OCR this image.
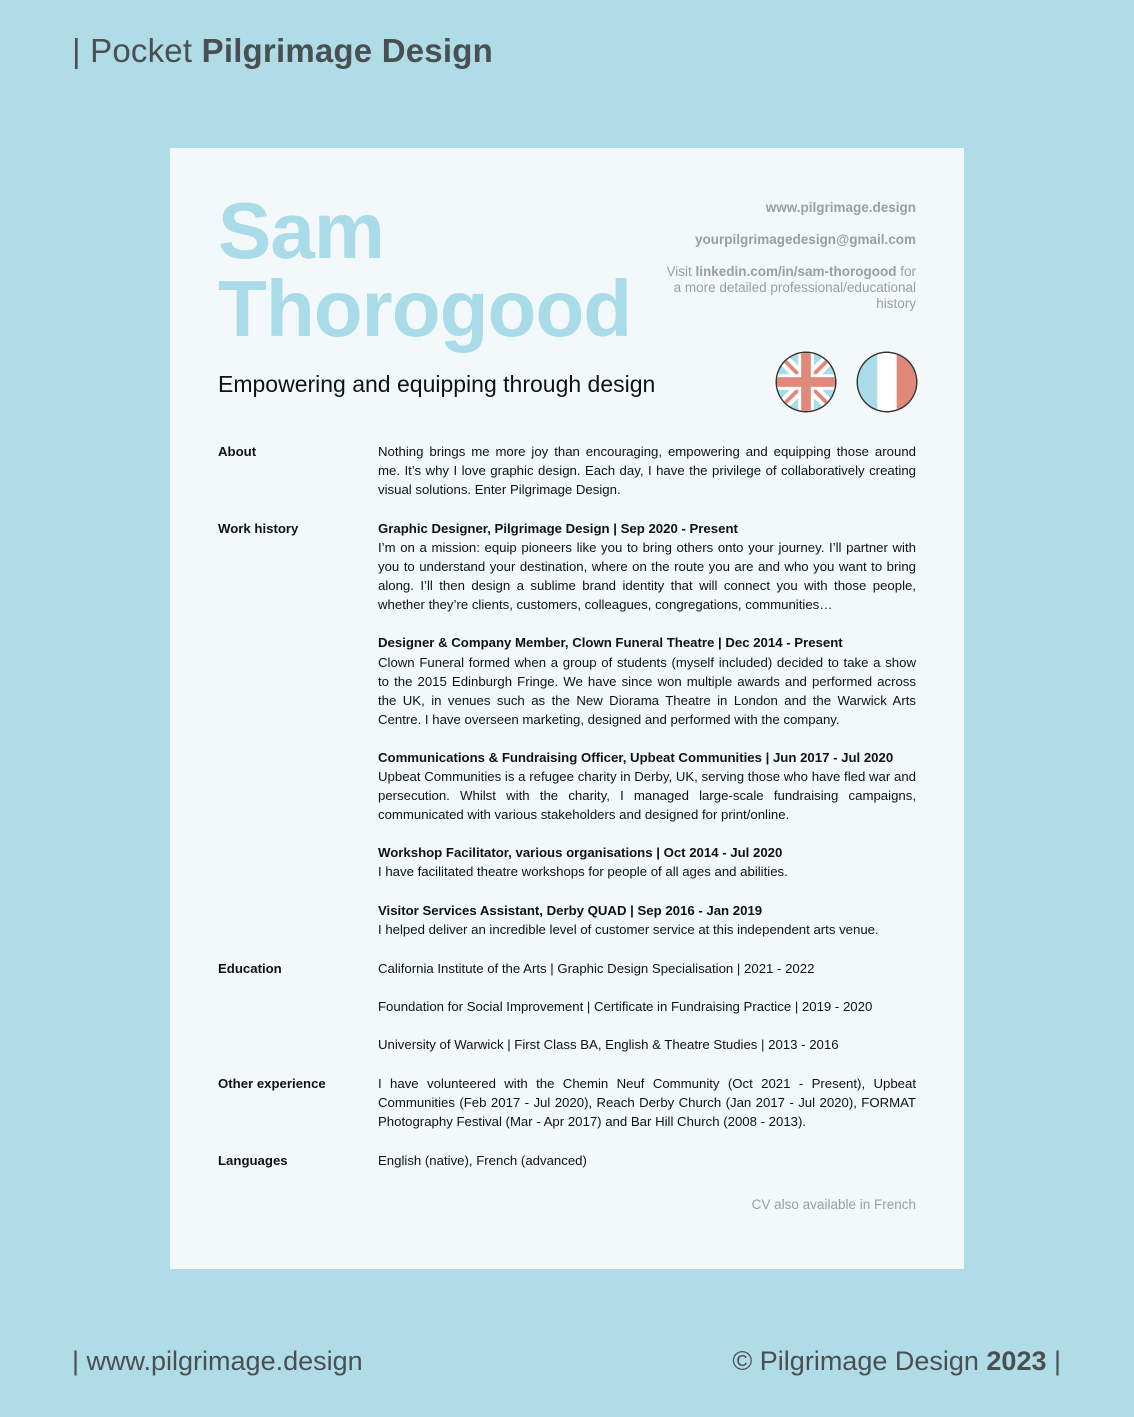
| Pocket Pilgrimage Design
Sam
Thorogood
www.pilgrimage.design
yourpilgrimagedesign@gmail.com
Visit linkedin.com/in/sam-thorogood for a more detailed professional/educational history
Empowering and equipping through design
About	Nothing brings me more joy than encouraging, empowering and equipping those around me. It’s why I love graphic design. Each day, I have the privilege of collaboratively creating visual solutions. Enter Pilgrimage Design.
Work history	Graphic Designer, Pilgrimage Design | Sep 2020 - Present
I’m on a mission: equip pioneers like you to bring others onto your journey. I’ll partner with you to understand your destination, where on the route you are and who you want to bring along. I’ll then design a sublime brand identity that will connect you with those people, whether they’re clients, customers, colleagues, congregations, communities…
Designer & Company Member, Clown Funeral Theatre | Dec 2014 - Present
Clown Funeral formed when a group of students (myself included) decided to take a show to the 2015 Edinburgh Fringe. We have since won multiple awards and performed across the UK, in venues such as the New Diorama Theatre in London and the Warwick Arts Centre. I have overseen marketing, designed and performed with the company.
Communications & Fundraising Officer, Upbeat Communities | Jun 2017 - Jul 2020
Upbeat Communities is a refugee charity in Derby, UK, serving those who have fled war and persecution. Whilst with the charity, I managed large-scale fundraising campaigns, communicated with various stakeholders and designed for print/online.
Workshop Facilitator, various organisations | Oct 2014 - Jul 2020
I have facilitated theatre workshops for people of all ages and abilities.
Visitor Services Assistant, Derby QUAD | Sep 2016 - Jan 2019
I helped deliver an incredible level of customer service at this independent arts venue.
Education	California Institute of the Arts | Graphic Design Specialisation | 2021 - 2022
Foundation for Social Improvement | Certificate in Fundraising Practice | 2019 - 2020
University of Warwick | First Class BA, English & Theatre Studies | 2013 - 2016
Other experience	I have volunteered with the Chemin Neuf Community (Oct 2021 - Present), Upbeat Communities (Feb 2017 - Jul 2020), Reach Derby Church (Jan 2017 - Jul 2020), FORMAT Photography Festival (Mar - Apr 2017) and Bar Hill Church (2008 - 2013).
Languages	English (native), French (advanced)
CV also available in French
| www.pilgrimage.design	© Pilgrimage Design 2023 |
